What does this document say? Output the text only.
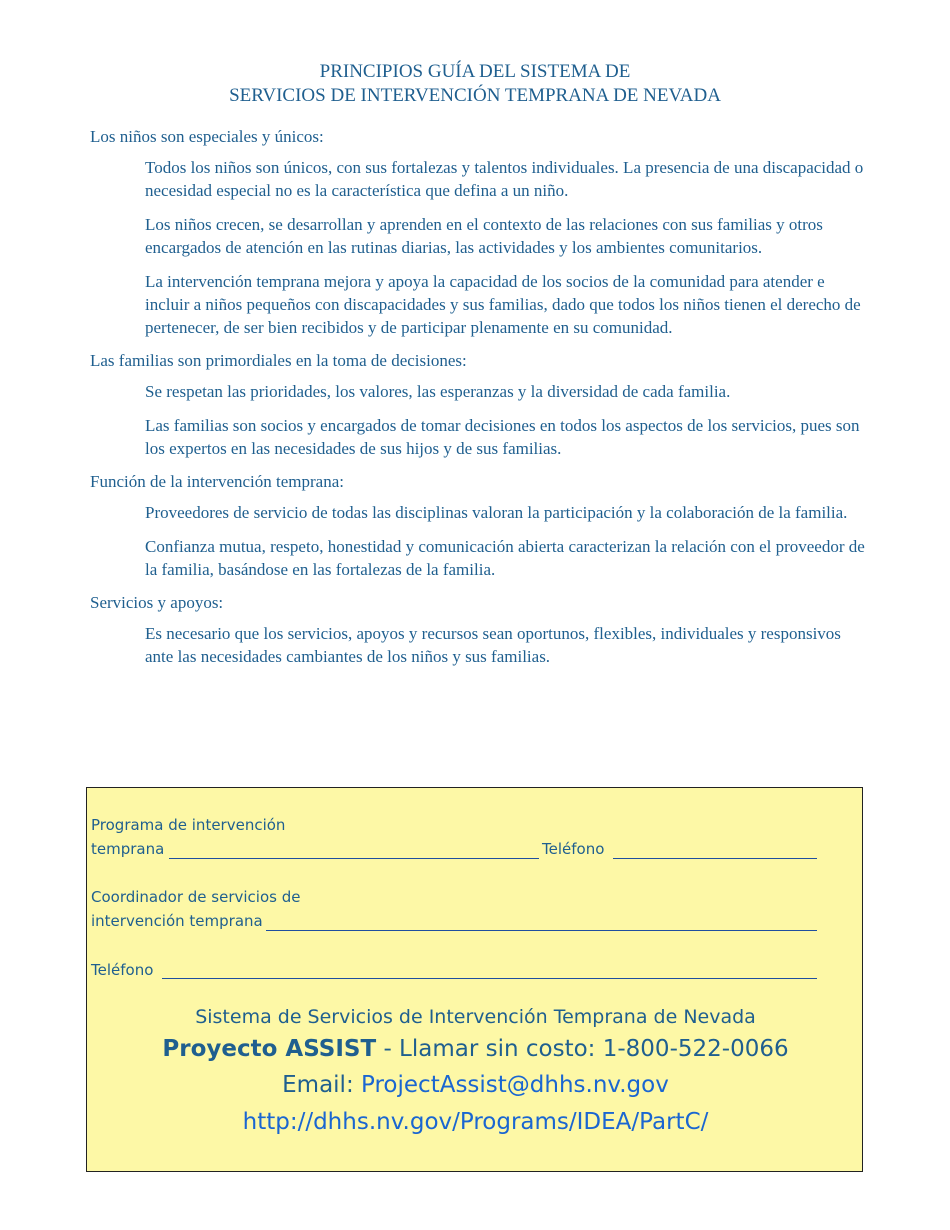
PRINCIPIOS GUÍA DEL SISTEMA DE
SERVICIOS DE INTERVENCIÓN TEMPRANA DE NEVADA
Los niños son especiales y únicos:

Todos los niños son únicos, con sus fortalezas y talentos individuales. La presencia de una discapacidad o necesidad especial no es la característica que defina a un niño.

Los niños crecen, se desarrollan y aprenden en el contexto de las relaciones con sus familias y otros encargados de atención en las rutinas diarias, las actividades y los ambientes comunitarios.

La intervención temprana mejora y apoya la capacidad de los socios de la comunidad para atender e incluir a niños pequeños con discapacidades y sus familias, dado que todos los niños tienen el derecho de pertenecer, de ser bien recibidos y de participar plenamente en su comunidad.

Las familias son primordiales en la toma de decisiones:

Se respetan las prioridades, los valores, las esperanzas y la diversidad de cada familia.

Las familias son socios y encargados de tomar decisiones en todos los aspectos de los servicios, pues son los expertos en las necesidades de sus hijos y de sus familias.

Función de la intervención temprana:

Proveedores de servicio de todas las disciplinas valoran la participación y la colaboración de la familia.

Confianza mutua, respeto, honestidad y comunicación abierta caracterizan la relación con el proveedor de la familia, basándose en las fortalezas de la familia.

Servicios y apoyos:

Es necesario que los servicios, apoyos y recursos sean oportunos, flexibles, individuales y responsivos ante las necesidades cambiantes de los niños y sus familias.

Programa de intervención
temprana	Teléfono
Coordinador de servicios de
intervención temprana
Teléfono
Sistema de Servicios de Intervención Temprana de Nevada
Proyecto ASSIST - Llamar sin costo: 1-800-522-0066
Email: ProjectAssist@dhhs.nv.gov
http://dhhs.nv.gov/Programs/IDEA/PartC/
